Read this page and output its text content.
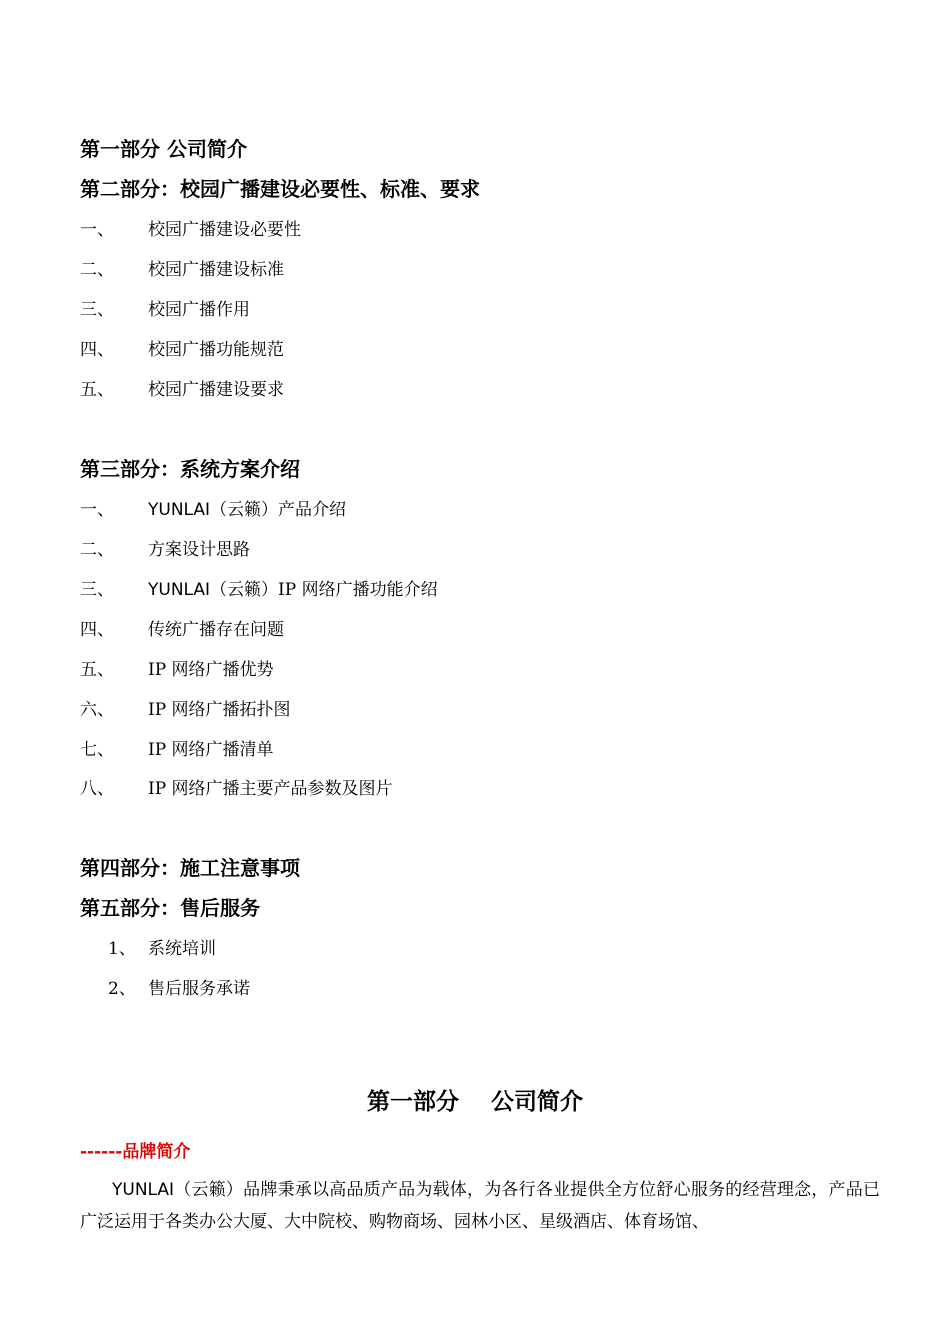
第一部分 公司简介
第二部分：校园广播建设必要性、标准、要求
一、 校园广播建设必要性
二、 校园广播建设标准
三、 校园广播作用
四、 校园广播功能规范
五、 校园广播建设要求
第三部分：系统方案介绍
一、 YUNLAI（云籁）产品介绍
二、 方案设计思路
三、 YUNLAI（云籁）IP 网络广播功能介绍
四、 传统广播存在问题
五、 IP 网络广播优势
六、 IP 网络广播拓扑图
七、 IP 网络广播清单
八、 IP 网络广播主要产品参数及图片
第四部分：施工注意事项
第五部分：售后服务
1、 系统培训
2、 售后服务承诺
第一部分    公司简介
------品牌简介
YUNLAI（云籁）品牌秉承以高品质产品为载体，为各行各业提供全方位舒心服务的经营理念，产品已广泛运用于各类办公大厦、大中院校、购物商场、园林小区、星级酒店、体育场馆、
